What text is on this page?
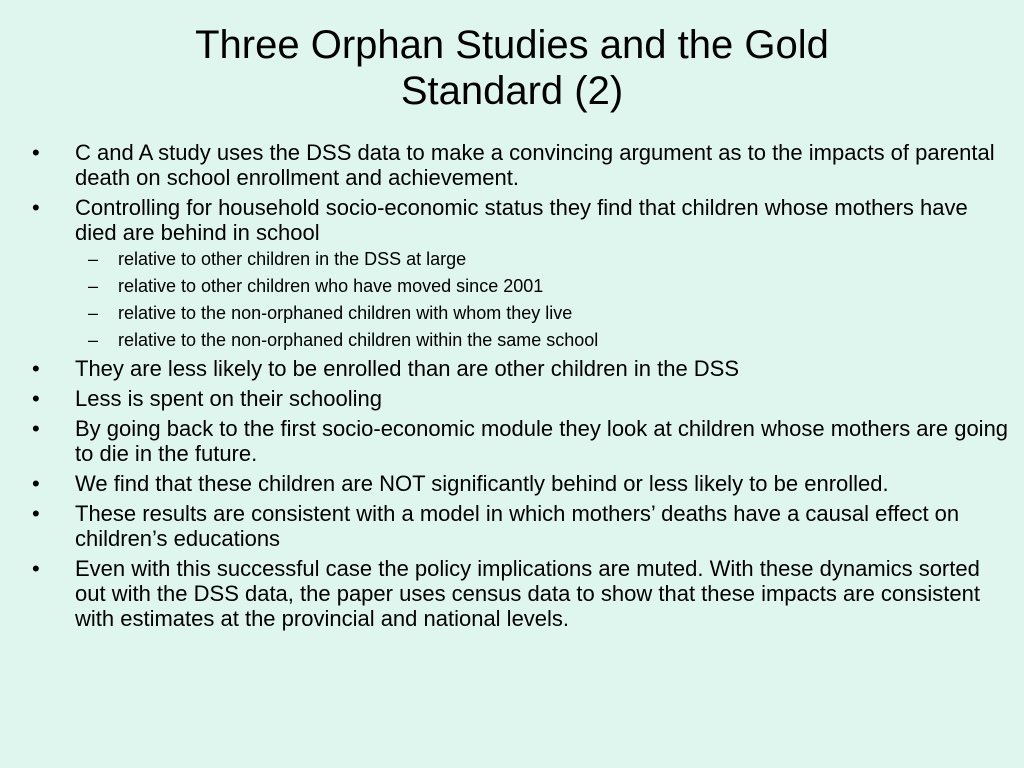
Three Orphan Studies and the Gold
Standard (2)
•	C and A study uses the DSS data to make a convincing argument as to the impacts of parental death on school enrollment and achievement.
•	Controlling for household socio-economic status they find that children whose mothers have died are behind in school
–	relative to other children in the DSS at large
–	relative to other children who have moved since 2001
–	relative to the non-orphaned children with whom they live
–	relative to the non-orphaned children within the same school
•	They are less likely to be enrolled than are other children in the DSS
•	Less is spent on their schooling
•	By going back to the first socio-economic module they look at children whose mothers are going to die in the future.
•	We find that these children are NOT significantly behind or less likely to be enrolled.
•	These results are consistent with a model in which mothers’ deaths have a causal effect on children’s educations
•	Even with this successful case the policy implications are muted. With these dynamics sorted out with the DSS data, the paper uses census data to show that these impacts are consistent with estimates at the provincial and national levels.
